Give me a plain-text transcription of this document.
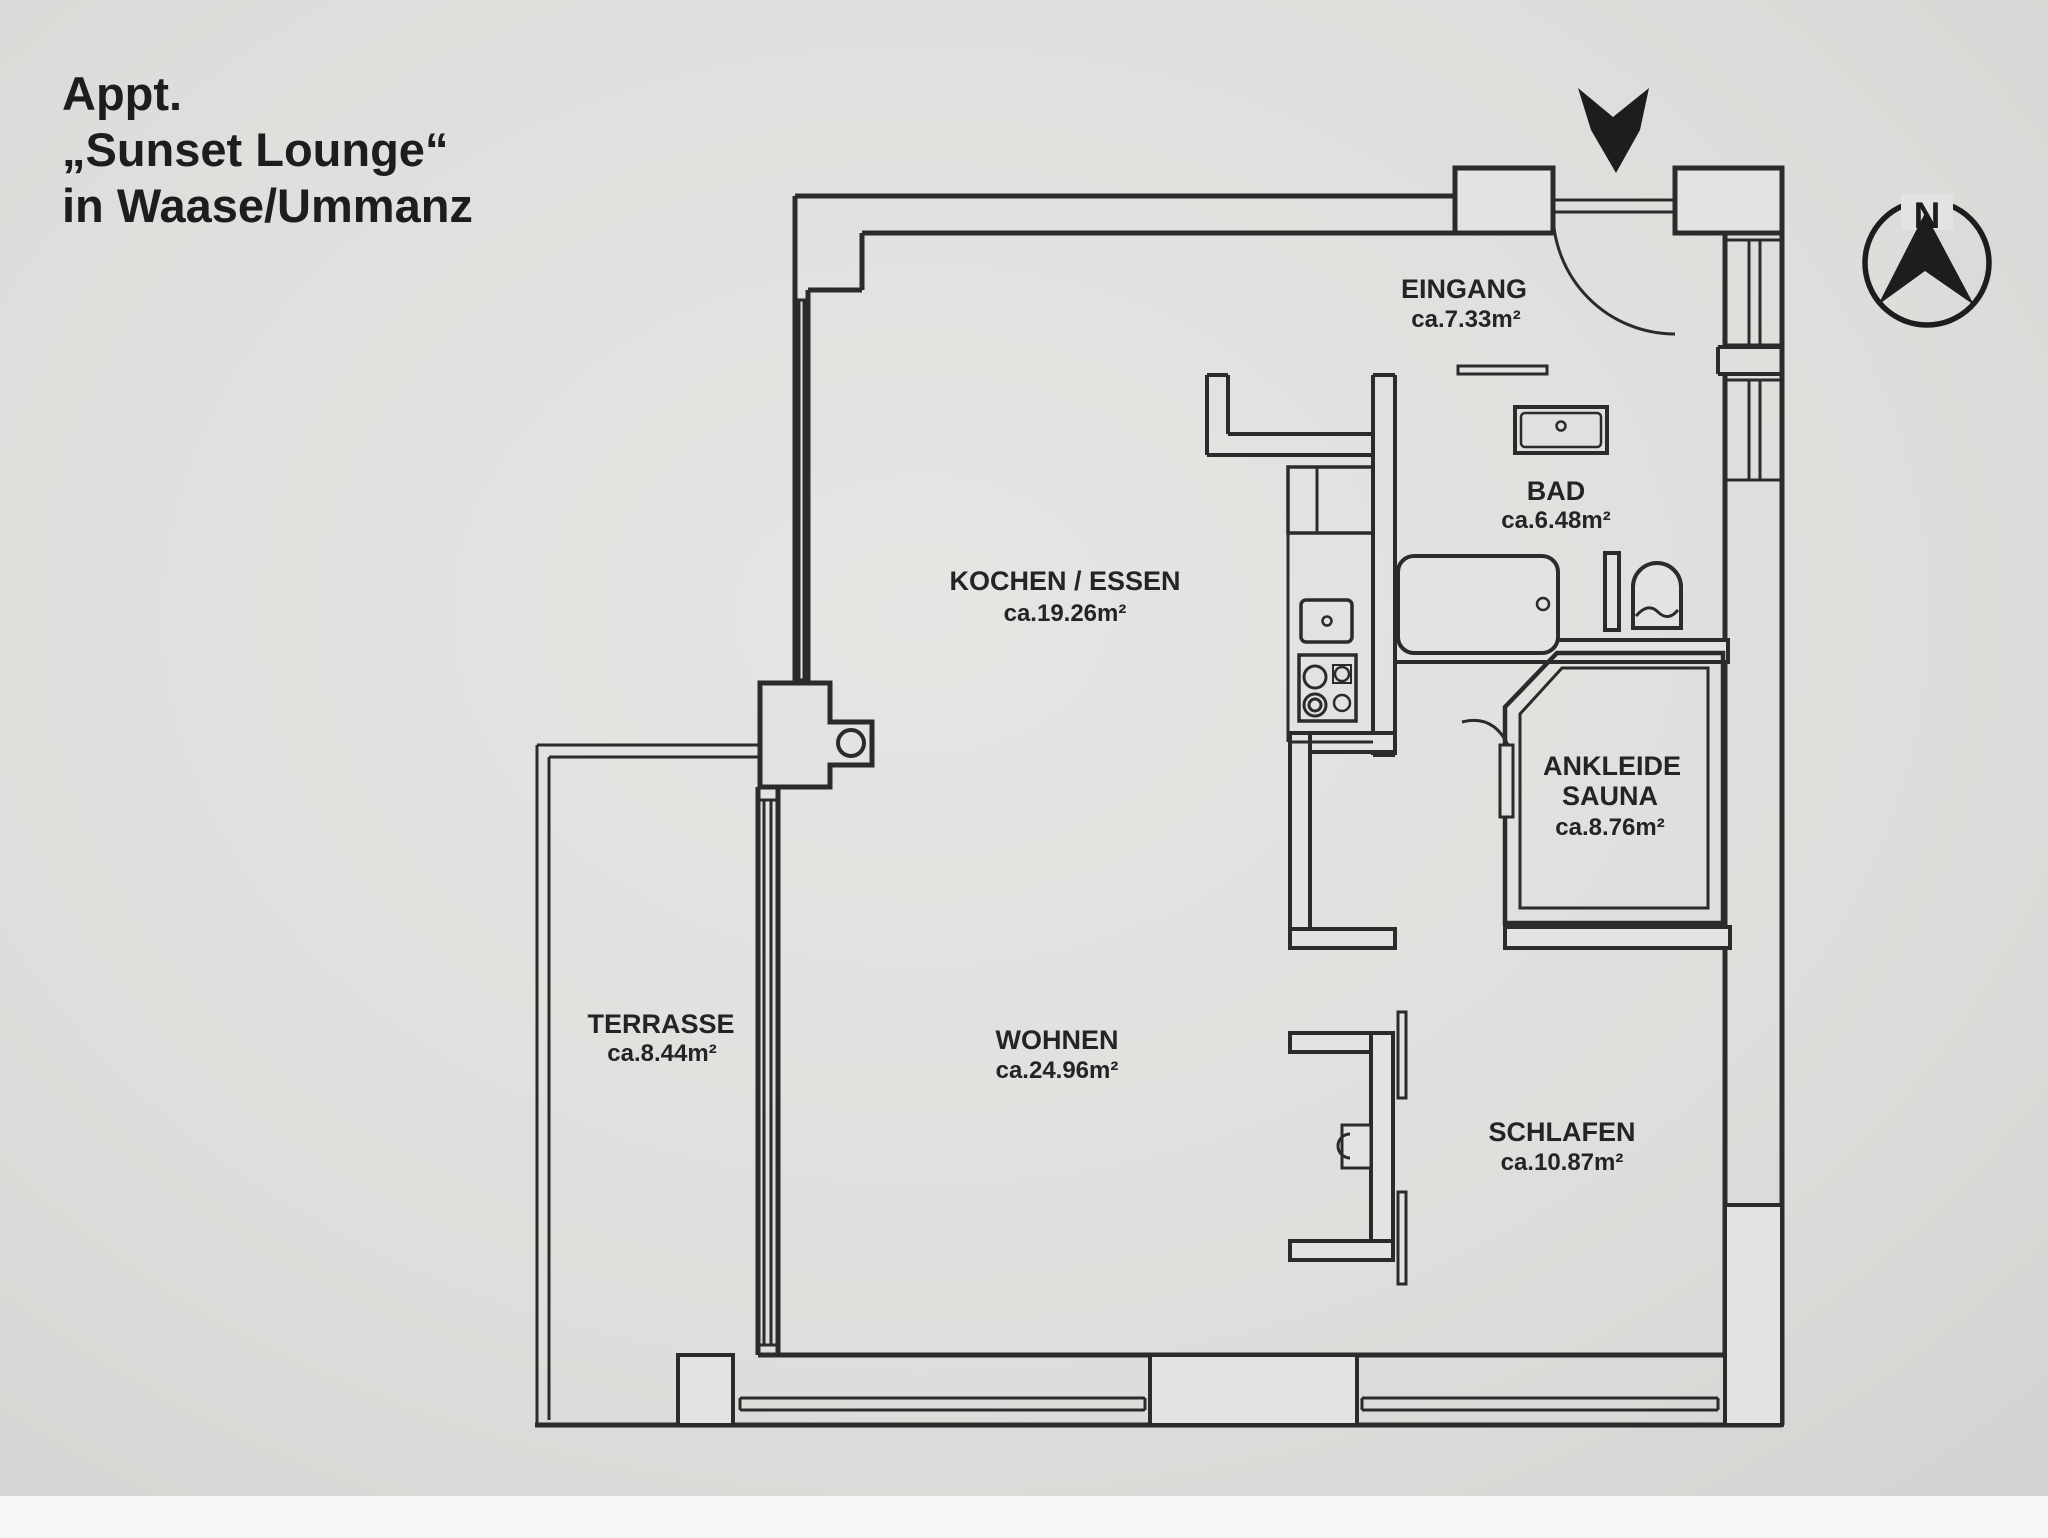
EINGANG
ca.7.33m²
BAD
ca.6.48m²
KOCHEN / ESSEN
ca.19.26m²
ANKLEIDE
SAUNA
ca.8.76m²
TERRASSE
ca.8.44m²	WOHNEN
ca.24.96m²
SCHLAFEN
ca.10.87m²
Appt.
„Sunset Lounge“
in Waase/Ummanz	N
